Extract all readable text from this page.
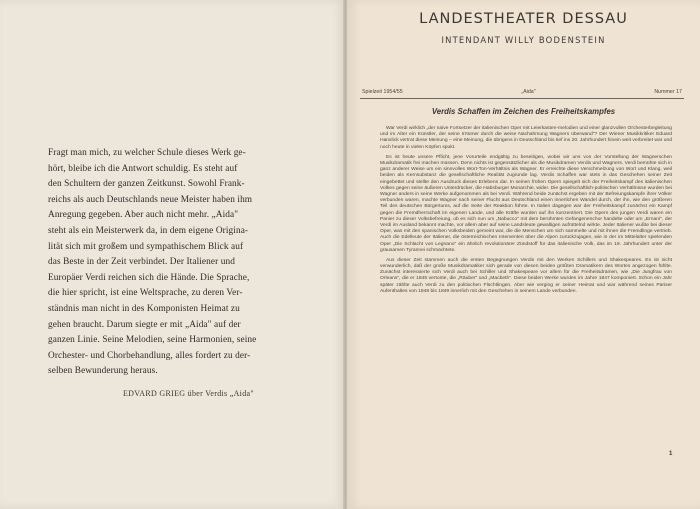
Fragt man mich, zu welcher Schule dieses Werk ge-
hört, bleibe ich die Antwort schuldig. Es steht auf
den Schultern der ganzen Zeitkunst. Sowohl Frank-
reichs als auch Deutschlands neue Meister haben ihm
Anregung gegeben. Aber auch nicht mehr. „Aida"
steht als ein Meisterwerk da, in dem eigene Origina-
lität sich mit großem und sympathischem Blick auf
das Beste in der Zeit verbindet. Der Italiener und
Europäer Verdi reichen sich die Hände. Die Sprache,
die hier spricht, ist eine Weltsprache, zu deren Ver-
ständnis man nicht in des Komponisten Heimat zu
gehen braucht. Darum siegte er mit „Aida" auf der
ganzen Linie. Seine Melodien, seine Harmonien, seine
Orchester- und Chorbehandlung, alles fordert zu der-
selben Bewunderung heraus.

EDVARD GRIEG über Verdis „Aida"
LANDESTHEATER DESSAU
INTENDANT WILLY BODENSTEIN
Spielzeit 1954/55	„Aida"	Nummer 17
Verdis Schaffen im Zeichen des Freiheitskampfes

War Verdi wirklich „der naive Fortsetzer der italienischen Oper mit Leierkasten-melodien und einer glanzvollen Orchesterbegleitung und im Alter ein Künstler, der seine Irrtümer durch die weise Nachahmung Wagners überwand"? Der Wiener Musikkritiker Eduard Hanslick vertrat diese Meinung – eine Meinung, die übrigens in Deutschland bis tief ins 20. Jahrhundert hinein weit verbreitet war und noch heute in vielen Köpfen spukt.

Es ist heute unsere Pflicht, jene Vorurteile endgültig zu beseitigen, wobei wir uns von der Vorstellung der Wagnerschen Musikdramatik frei machen müssen. Denn nichts ist gegensätzlicher als die Musikdramen Verdis und Wagners. Verdi bemühte sich in ganz anderer Weise um ein sinnvolles Wort-Ton-Verhältnis als Wagner. Er erreichte diese Verschmelzung von Wort und Klang, weil beiden als Kernsubstanz die gesellschaftliche Realität zugrunde lag. Verdis Schaffen war stets in das Geschehen seiner Zeit eingebettet und stellte den Ausdruck dieses Erlebens dar. In seinen frühen Opern spiegelt sich der Freiheitskampf des italienischen Volkes gegen seine äußeren Unterdrücker, die Habsburger Monarchie, wider. Die gesellschaftlich-politischen Verhältnisse wurden bei Wagner anders in seine Werke aufgenommen als bei Verdi. Während beide zunächst ergeben mit der Befreiungskampfe ihrer Völker verbunden waren, machte Wagner nach seiner Flucht aus Deutschland einen innerlichen Wandel durch, der ihn, wie den größeren Teil des deutschen Bürgertums, auf die Seite der Reaktion führte. In Italien dagegen war der Freiheitskampf zunächst ein Kampf gegen die Fremdherrschaft im eigenen Lande, und alle Kräfte wurden auf ihn konzentriert. Die Opern des jungen Verdi waren ein Panier zu dieser Volksbefreiung, ob es sich nun um „Nabucco" mit dem berühmten Gefangenenchor handelte oder um „Ernani", der Verdi im Ausland bekannt machte, vor allem aber auf seine Landsleute gewaltigen aufrüttelnd wirkte. Jeder Italiener wußte bei dieser Oper, was mit den spanischen Volksbeiden gemeint war, die die Menschen um sich sammelte und mit ihnen die Fremdlinge vertrieb. Auch die Edelleute der Italiener, die österreichischen Interventen über die Alpen zurückzujagen, wie in der im Mittelalter spielenden Oper „Die Schlacht von Legnano" ein ähnlich revolutionärer Zündstoff für das italienische Volk, das im 19. Jahrhundert unter der grausamen Tyrannei schmachtete.

Aus dieser Zeit stammen auch die ersten Begegnungen Verdis mit den Werken Schillers und Shakespeares. Es ist nicht verwunderlich, daß der große Musikdramatiker sich gerade von diesen beiden größten Dramatikern des Wortes angezogen fühlte. Zunächst interessierte sich Verdi auch bei Schiller und Shakespeare vor allem für die Freiheitsdramen, wie „Die Jungfrau von Orleans", die er 1845 vertonte, die „Räuber" und „Macbeth". Diese beiden Werke wurden im Jahre 1847 komponiert. Schon ein Jahr später zählte auch Verdi zu den politischen Flüchtlingen. Aber wie verging er seiner Heimat und war während seines Pariser Aufenthaltes von 1848 bis 1849 innerlich mit den Geschehen in seinem Lande verbunden.

1
